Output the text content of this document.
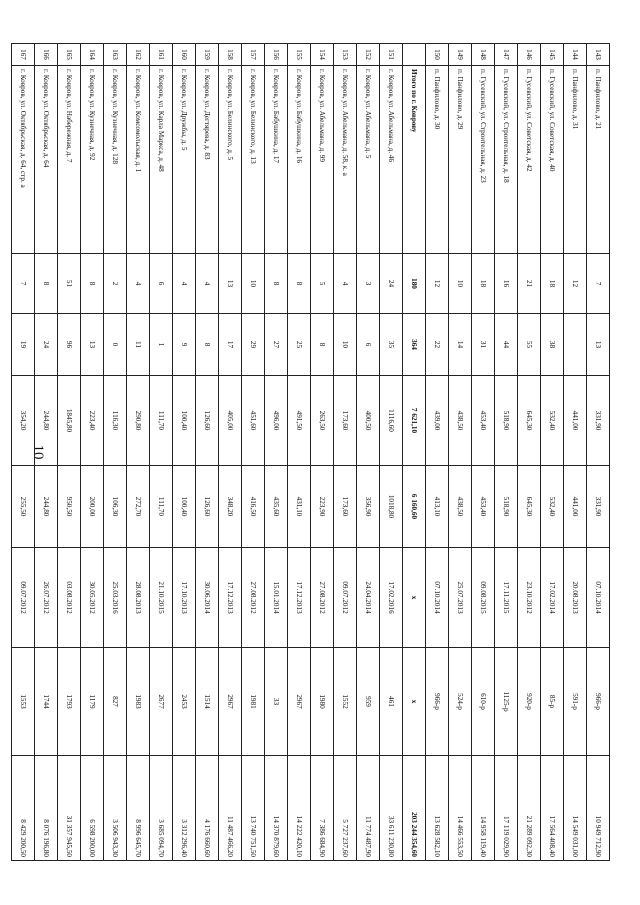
10
143	п. Панфилово, д. 21	7	13	331,90	331,90	07.10.2014	966-р	10 949 712,90
144	п. Панфилово, д. 31	12		441,00	441,00	20.08.2013	591-р	14 549 031,00
145	п. Гусевский, ул. Советская, д. 40	18	38	532,40	532,40	17.02.2014	85-р	17 564 408,40
146	п. Гусевский, ул. Советская, д. 42	21	55	645,30	645,30	23.10.2012	920-р	21 289 092,30
147	п. Гусевский, ул. Строительная, д. 18	16	44	518,90	518,90	17.11.2015	1125-р	17 119 029,90
148	п. Гусевский, ул. Строительная, д. 23	18	31	453,40	453,40	09.08.2015	610-р	14 958 119,40
149	п. Панфилово, д. 29	10	14	438,50	438,50	25.07.2013	524-р	14 466 553,50
150	п. Панфилово, д. 30	12	22	439,00	413,10	07.10.2014	966-р	13 628 582,10
	Итого по г. Коврову	180	364	7 621,10	6 160,60	x	x	203 244 354,60
151	г. Ковров, ул. Абельмана, д. 46	24	35	1116,60	1018,80	17.02.2016	461	33 611 230,80
152	г. Ковров, ул. Абельмана, д. 5	3	6	400,50	356,90	24.04.2014	959	11 774 487,90
153	г. Ковров, ул. Абельмана, д. 58, к. а	4	10	173,60	173,60	09.07.2012	1552	5 727 237,60
154	г. Ковров, ул. Абельмана, д. 99	5	8	263,50	223,90	27.08.2012	1980	7 386 684,90
155	г. Ковров, ул. Бабушкина, д. 16	8	25	491,50	431,10	17.12.2013	2967	14 222 420,10
156	г. Ковров, ул. Бабушкина, д. 17	8	27	496,00	435,60	15.01.2014	33	14 370 879,60
157	г. Ковров, ул. Белинского, д. 13	10	29	451,60	416,50	27.08.2012	1981	13 740 751,50
158	г. Ковров, ул. Белинского, д. 5	13	17	405,00	348,20	17.12.2013	2967	11 487 466,20
159	г. Ковров, ул. Дегтярева, д. 83	4	8	126,60	126,60	30.06.2014	1514	4 176 660,60
160	г. Ковров, ул. Дружбы, д. 5	4	9	100,40	100,40	17.10.2013	2453	3 312 296,40
161	г. Ковров, ул. Карла Маркса, д. 48	6	1	111,70	111,70	21.10.2015	2677	3 685 094,70
162	г. Ковров, ул. Комсомольская, д. 1	4	11	290,80	272,70	28.08.2013	1983	8 996 645,70
163	г. Ковров, ул. Кузнечная, д. 128	2	0	116,30	106,30	25.03.2016	827	3 506 943,30
164	г. Ковров, ул. Кузнечная, д. 92	8	13	223,40	200,00	30.05.2012	1179	6 598 200,00
165	г. Ковров, ул. Набережная, д. 7	51	96	1845,80	950,50	03.08.2012	1793	31 357 945,50
166	г. Ковров, ул. Октябрьская, д. 64	8	24	244,80	244,80	26.07.2012	1744	8 076 196,80
167	г. Ковров, ул. Октябрьская, д. 64, стр. а	7	19	354,20	255,50	09.07.2012	1553	8 429 200,50
